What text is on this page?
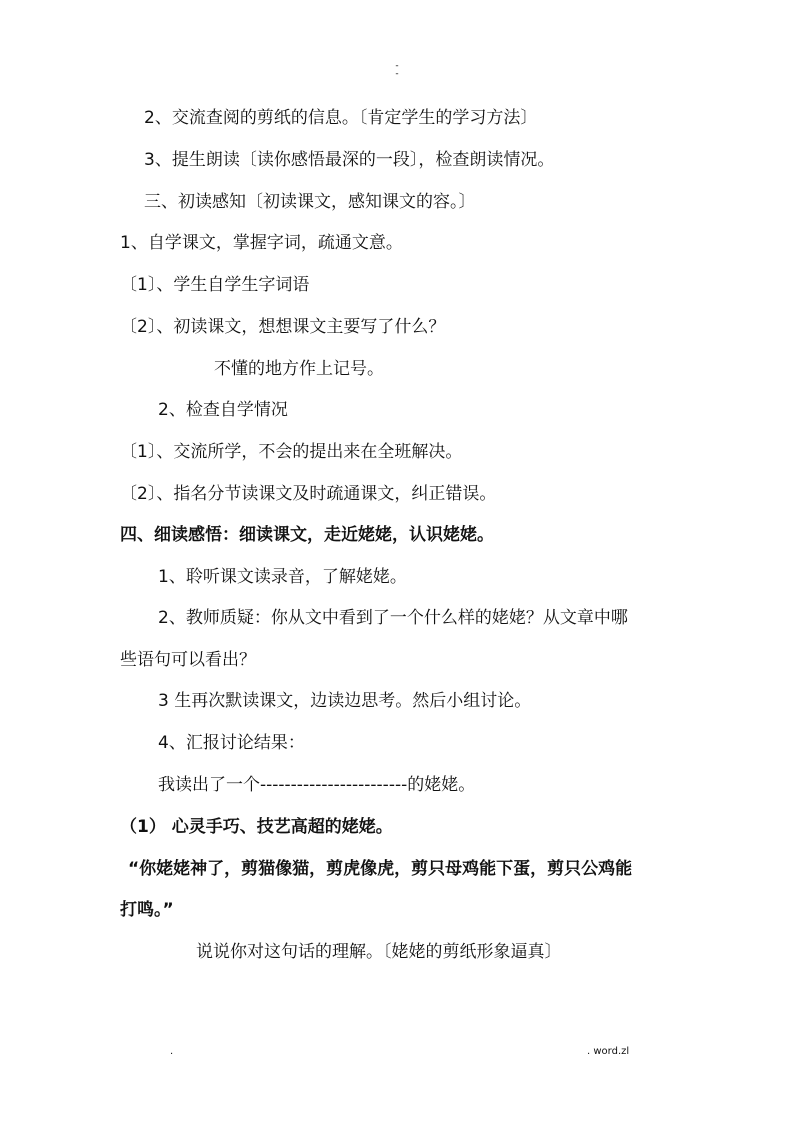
-
-
2、交流查阅的剪纸的信息。〔肯定学生的学习方法〕
3、提生朗读〔读你感悟最深的一段〕，检查朗读情况。
三、初读感知〔初读课文，感知课文的容。〕
1、自学课文，掌握字词，疏通文意。
〔1〕、学生自学生字词语
〔2〕、初读课文，想想课文主要写了什么？
不懂的地方作上记号。
2、检查自学情况
〔1〕、交流所学，不会的提出来在全班解决。
〔2〕、指名分节读课文及时疏通课文，纠正错误。
四、细读感悟：细读课文，走近姥姥，认识姥姥。
1、聆听课文读录音，了解姥姥。
2、教师质疑：你从文中看到了一个什么样的姥姥？从文章中哪
些语句可以看出？
3 生再次默读课文，边读边思考。然后小组讨论。
4、汇报讨论结果：
我读出了一个------------------------的姥姥。
（1） 心灵手巧、技艺高超的姥姥。
“你姥姥神了，剪猫像猫，剪虎像虎，剪只母鸡能下蛋，剪只公鸡能
打鸣。”
说说你对这句话的理解。〔姥姥的剪纸形象逼真〕
.	. word.zl
